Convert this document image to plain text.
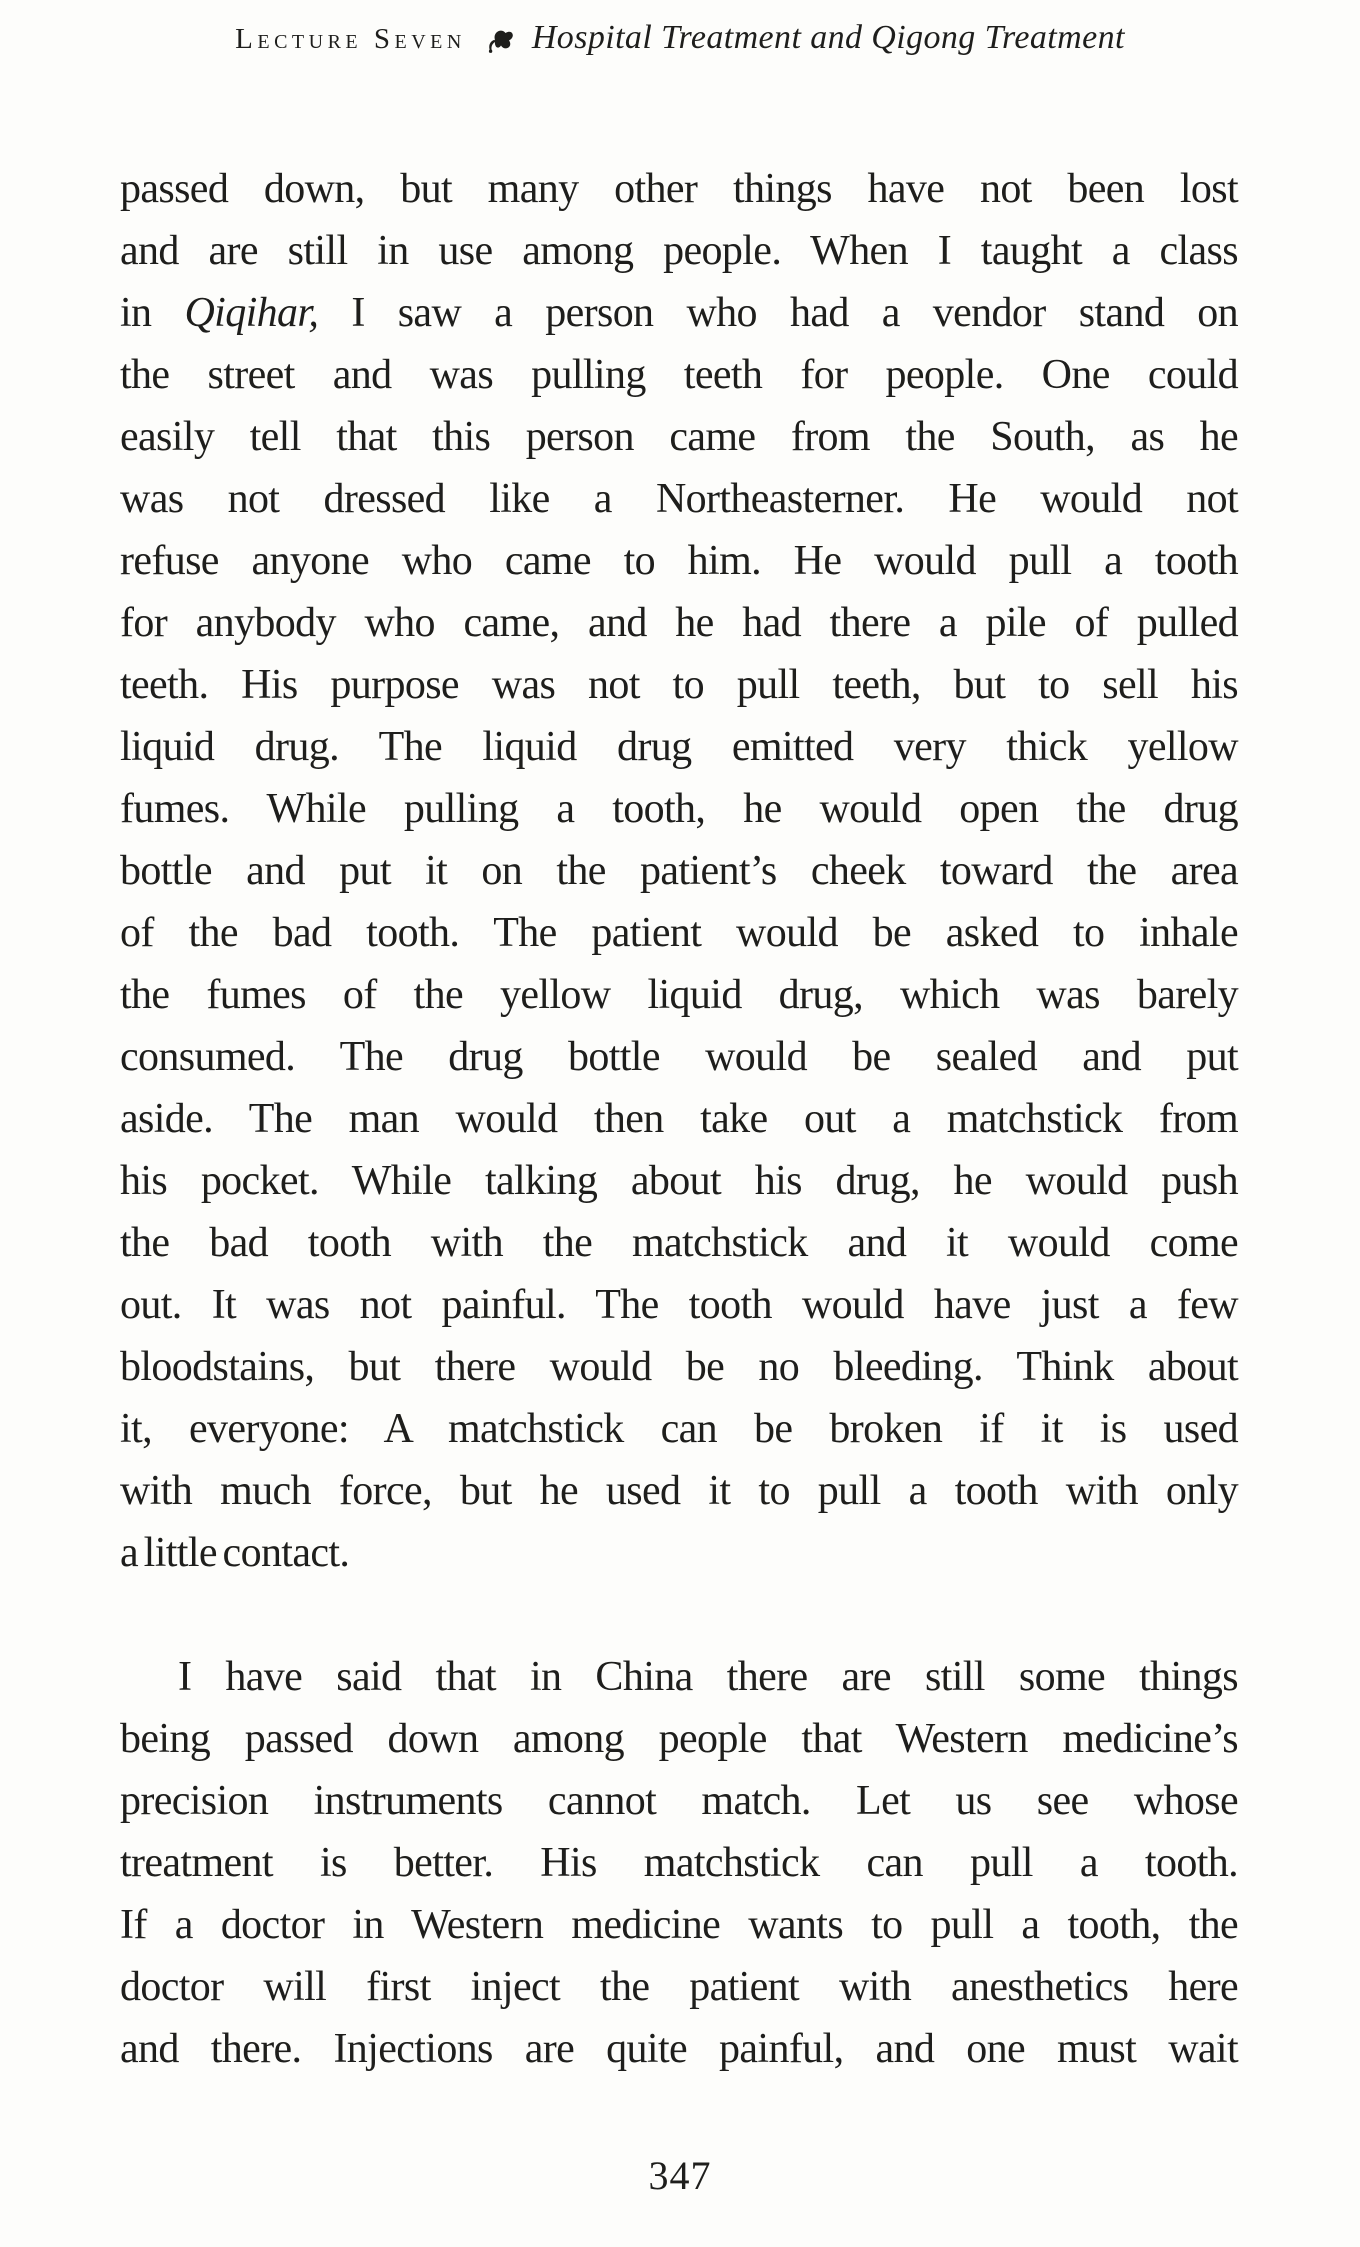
Lecture Seven Hospital Treatment and Qigong Treatment
passed down, but many other things have not been lost
and are still in use among people. When I taught a class
in Qiqihar, I saw a person who had a vendor stand on
the street and was pulling teeth for people. One could
easily tell that this person came from the South, as he
was not dressed like a Northeasterner. He would not
refuse anyone who came to him. He would pull a tooth
for anybody who came, and he had there a pile of pulled
teeth. His purpose was not to pull teeth, but to sell his
liquid drug. The liquid drug emitted very thick yellow
fumes. While pulling a tooth, he would open the drug
bottle and put it on the patient’s cheek toward the area
of the bad tooth. The patient would be asked to inhale
the fumes of the yellow liquid drug, which was barely
consumed. The drug bottle would be sealed and put
aside. The man would then take out a matchstick from
his pocket. While talking about his drug, he would push
the bad tooth with the matchstick and it would come
out. It was not painful. The tooth would have just a few
bloodstains, but there would be no bleeding. Think about
it, everyone: A matchstick can be broken if it is used
with much force, but he used it to pull a tooth with only
a little contact.
I have said that in China there are still some things
being passed down among people that Western medicine’s
precision instruments cannot match. Let us see whose
treatment is better. His matchstick can pull a tooth.
If a doctor in Western medicine wants to pull a tooth, the
doctor will first inject the patient with anesthetics here
and there. Injections are quite painful, and one must wait
347
